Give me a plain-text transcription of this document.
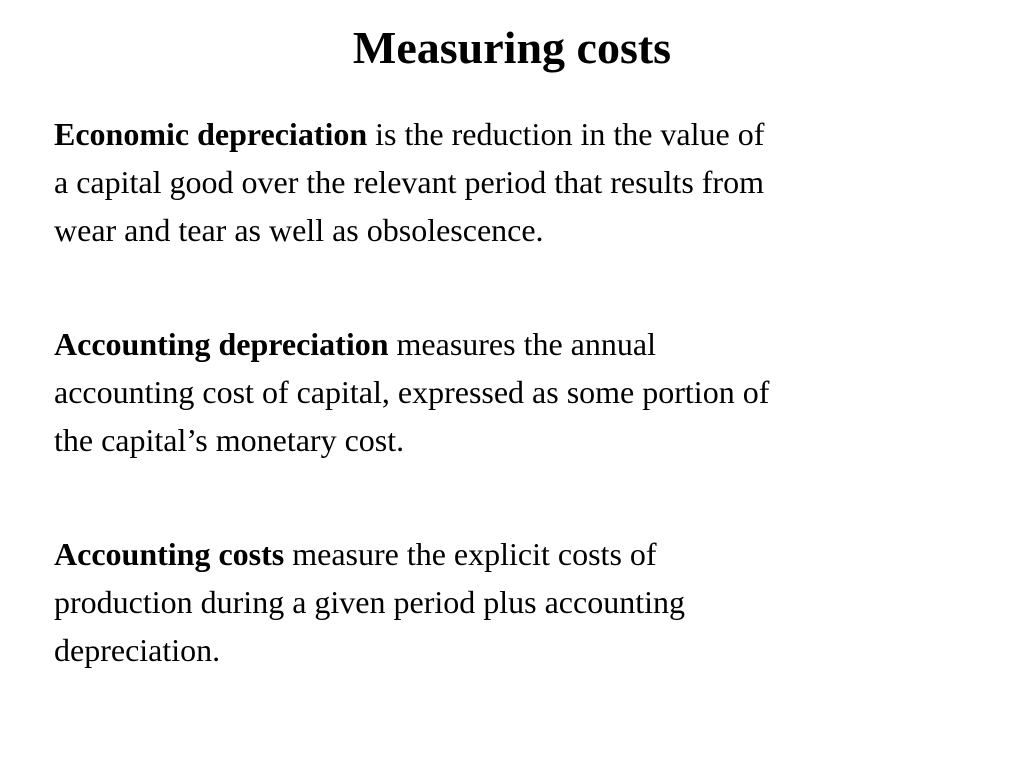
Measuring costs

Economic depreciation is the reduction in the value of
a capital good over the relevant period that results from
wear and tear as well as obsolescence.

Accounting depreciation measures the annual
accounting cost of capital, expressed as some portion of
the capital’s monetary cost.

Accounting costs measure the explicit costs of
production during a given period plus accounting
depreciation.
